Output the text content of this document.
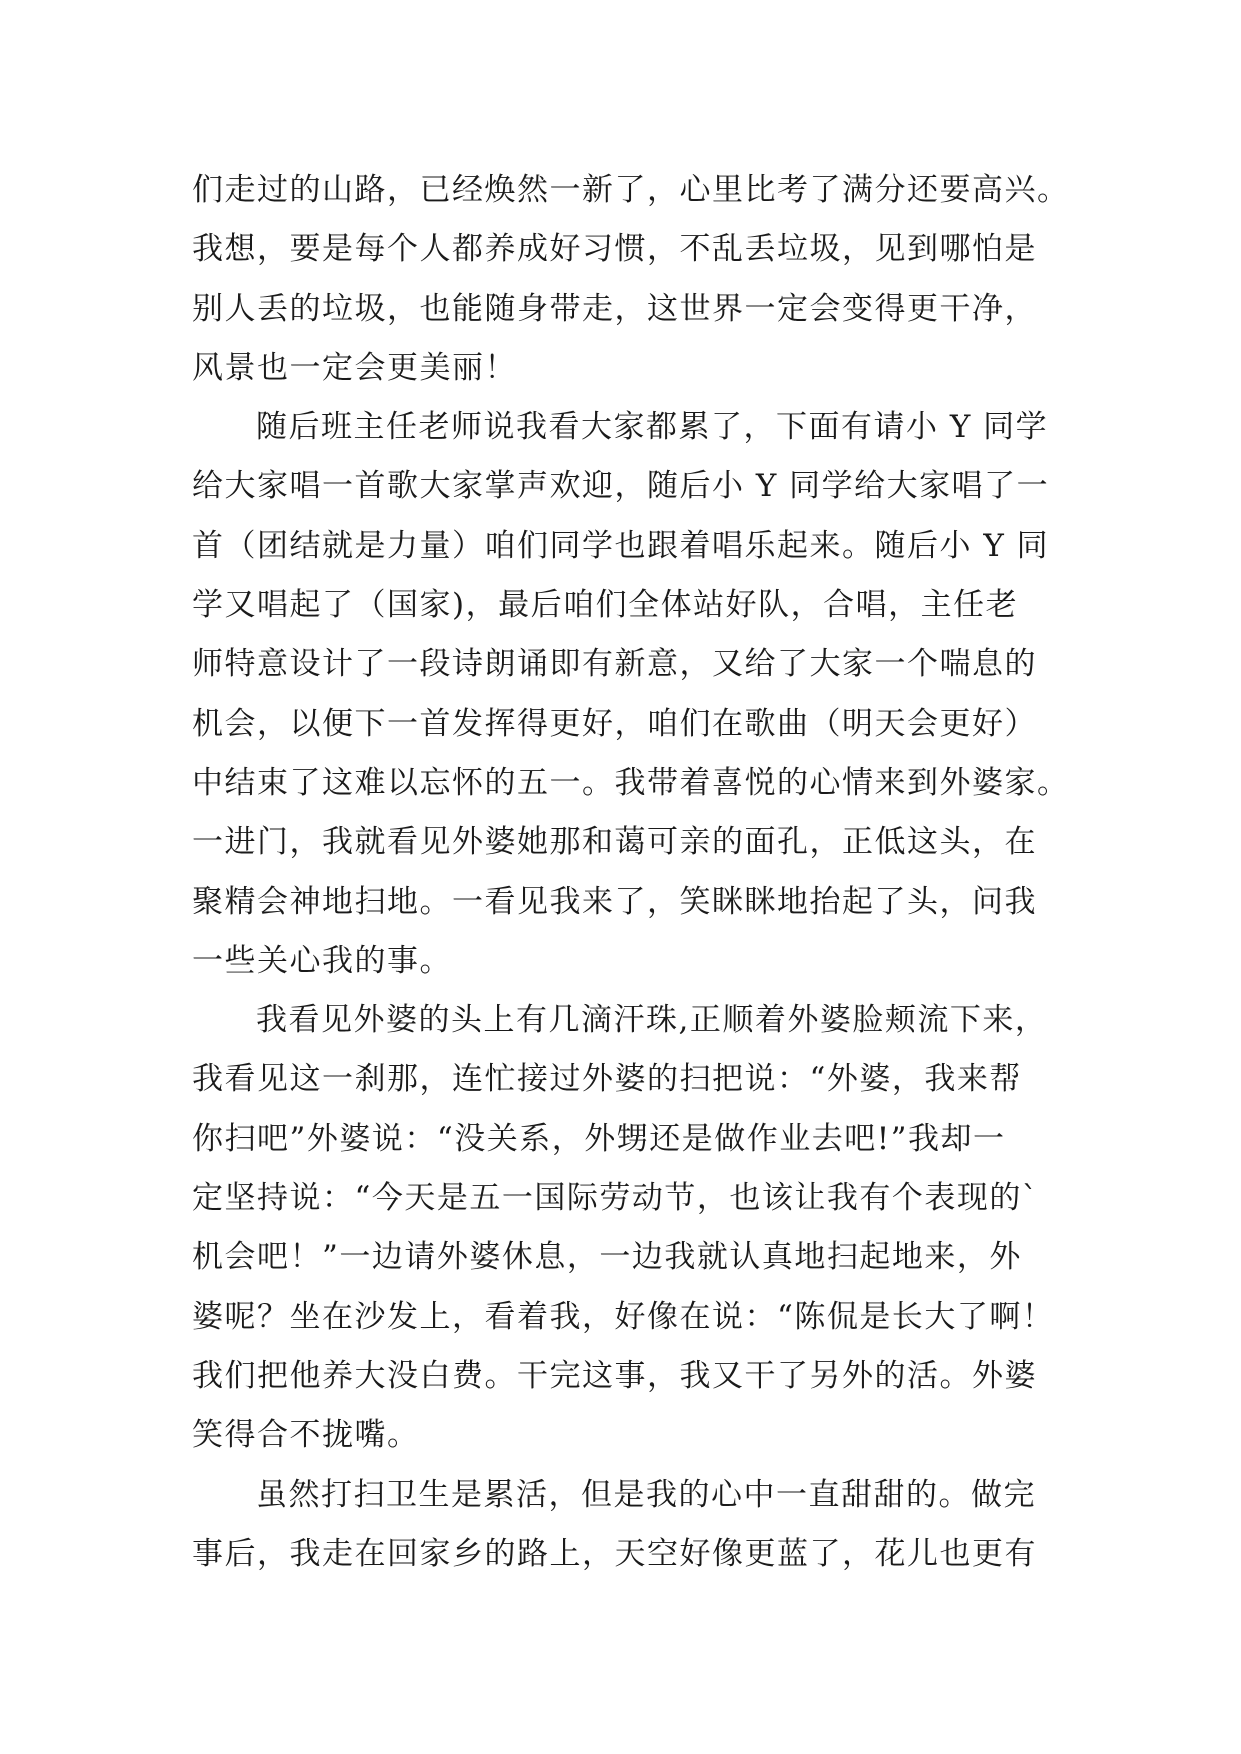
们走过的山路，已经焕然一新了，心里比考了满分还要高兴。
我想，要是每个人都养成好习惯，不乱丢垃圾，见到哪怕是
别人丢的垃圾，也能随身带走，这世界一定会变得更干净，
风景也一定会更美丽！
随后班主任老师说我看大家都累了，下面有请小 Y 同学
给大家唱一首歌大家掌声欢迎，随后小 Y 同学给大家唱了一
首（团结就是力量）咱们同学也跟着唱乐起来。随后小 Y 同
学又唱起了（国家)，最后咱们全体站好队，合唱，主任老
师特意设计了一段诗朗诵即有新意，又给了大家一个喘息的
机会，以便下一首发挥得更好，咱们在歌曲（明天会更好）
中结束了这难以忘怀的五一。我带着喜悦的心情来到外婆家。
一进门，我就看见外婆她那和蔼可亲的面孔，正低这头，在
聚精会神地扫地。一看见我来了，笑眯眯地抬起了头，问我
一些关心我的事。
我看见外婆的头上有几滴汗珠,正顺着外婆脸颊流下来，
我看见这一刹那，连忙接过外婆的扫把说：“外婆，我来帮
你扫吧”外婆说：“没关系，外甥还是做作业去吧!”我却一
定坚持说：“今天是五一国际劳动节，也该让我有个表现的`
机会吧！”一边请外婆休息，一边我就认真地扫起地来，外
婆呢？坐在沙发上，看着我，好像在说：“陈侃是长大了啊！
我们把他养大没白费。干完这事，我又干了另外的活。外婆
笑得合不拢嘴。
虽然打扫卫生是累活，但是我的心中一直甜甜的。做完
事后，我走在回家乡的路上，天空好像更蓝了，花儿也更有
